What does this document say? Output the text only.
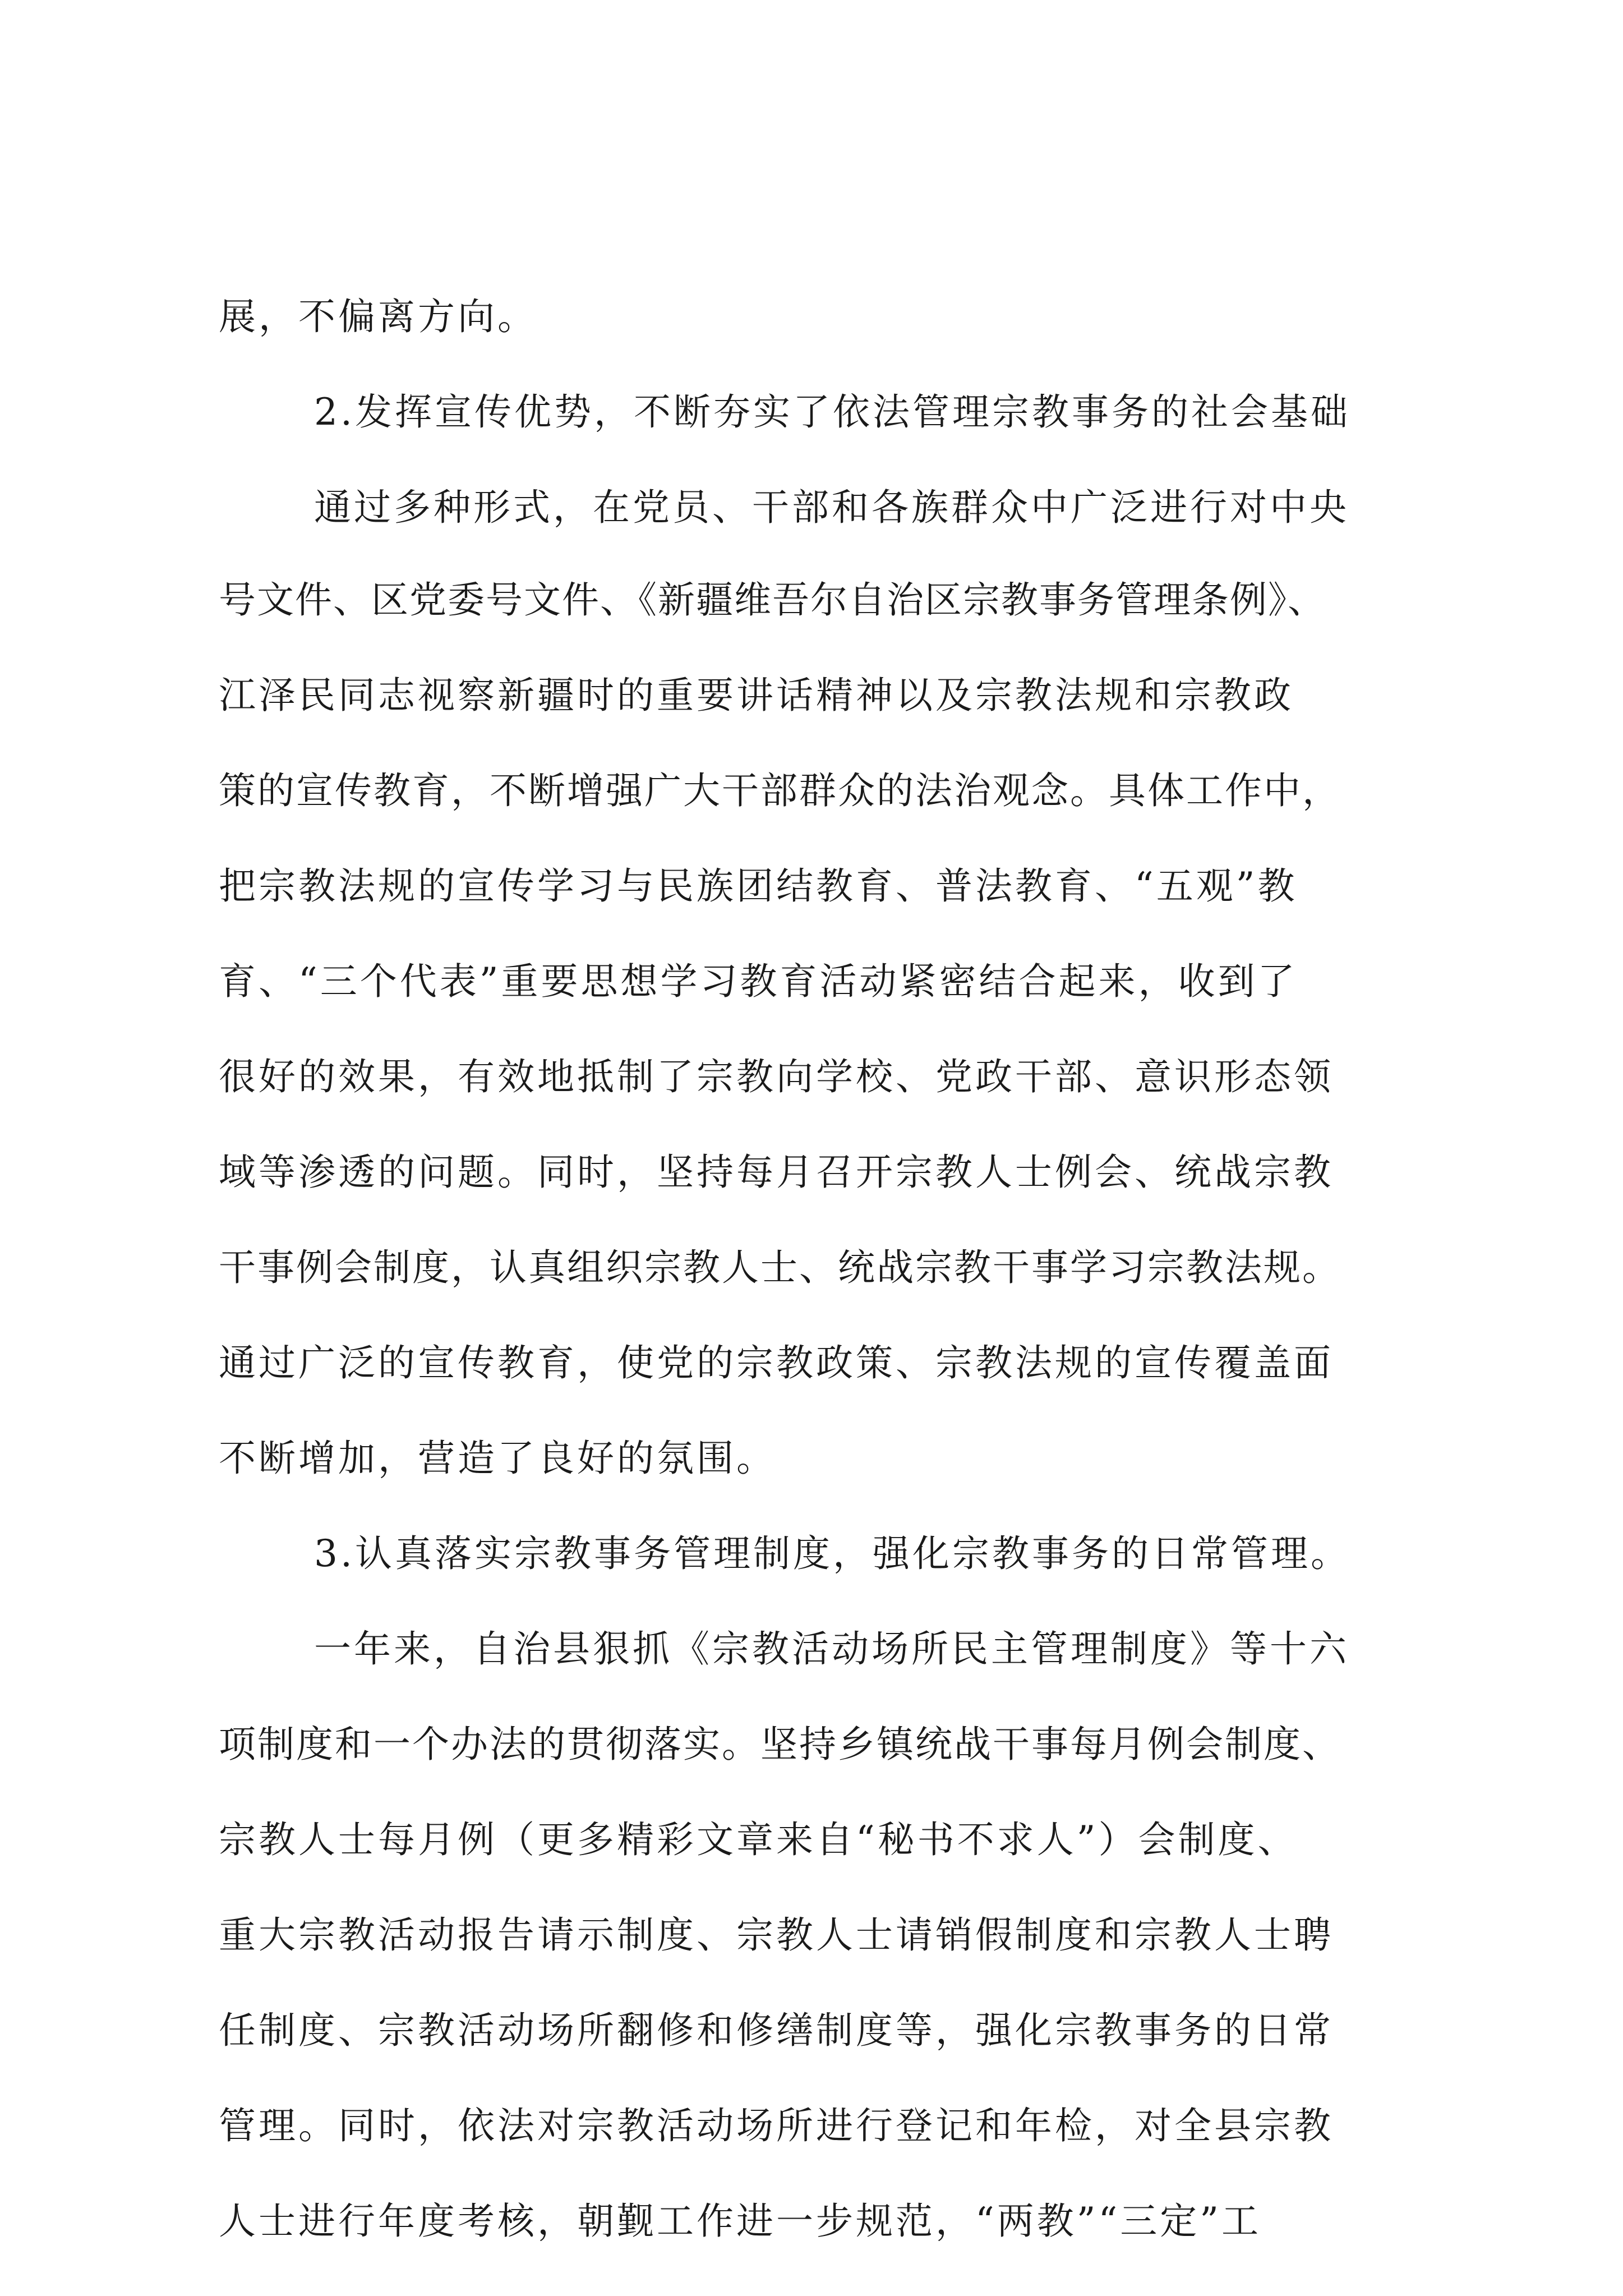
展，不偏离方向。
2.发挥宣传优势，不断夯实了依法管理宗教事务的社会基础
通过多种形式，在党员、干部和各族群众中广泛进行对中央
号文件、区党委号文件、《新疆维吾尔自治区宗教事务管理条例》、
江泽民同志视察新疆时的重要讲话精神以及宗教法规和宗教政
策的宣传教育，不断增强广大干部群众的法治观念。具体工作中，
把宗教法规的宣传学习与民族团结教育、普法教育、“五观”教
育、“三个代表”重要思想学习教育活动紧密结合起来，收到了
很好的效果，有效地抵制了宗教向学校、党政干部、意识形态领
域等渗透的问题。同时，坚持每月召开宗教人士例会、统战宗教
干事例会制度，认真组织宗教人士、统战宗教干事学习宗教法规。
通过广泛的宣传教育，使党的宗教政策、宗教法规的宣传覆盖面
不断增加，营造了良好的氛围。
3.认真落实宗教事务管理制度，强化宗教事务的日常管理。
一年来，自治县狠抓《宗教活动场所民主管理制度》等十六
项制度和一个办法的贯彻落实。坚持乡镇统战干事每月例会制度、
宗教人士每月例（更多精彩文章来自“秘书不求人”）会制度、
重大宗教活动报告请示制度、宗教人士请销假制度和宗教人士聘
任制度、宗教活动场所翻修和修缮制度等，强化宗教事务的日常
管理。同时，依法对宗教活动场所进行登记和年检，对全县宗教
人士进行年度考核，朝觐工作进一步规范，“两教”“三定”工
